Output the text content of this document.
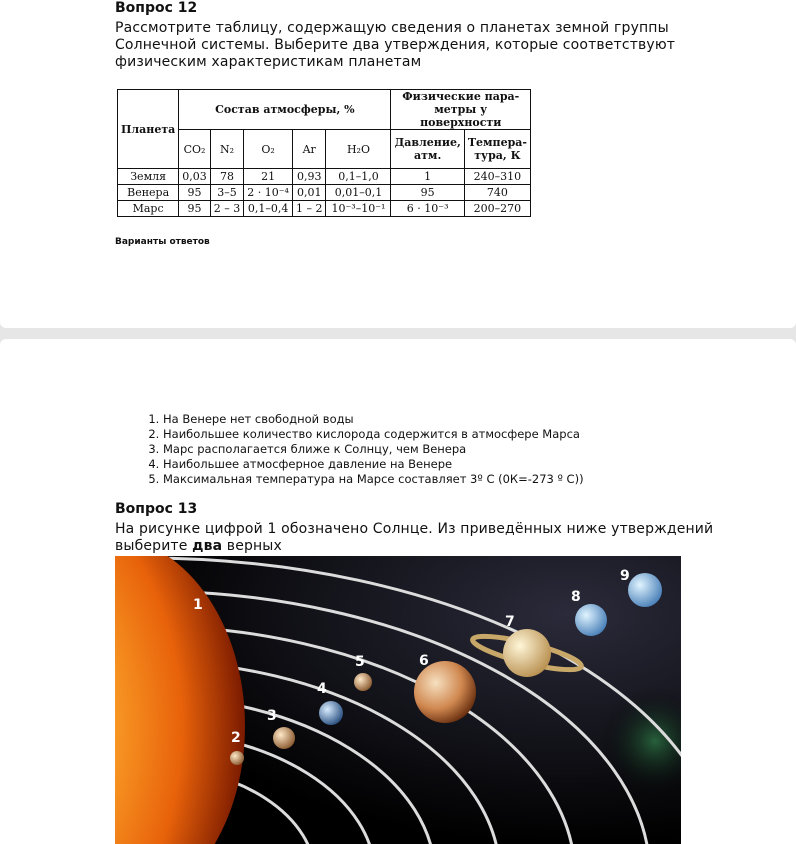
Вопрос 12
Рассмотрите таблицу, содержащую сведения о планетах земной группы Солнечной системы. Выберите два утверждения, которые соответствуют физическим характеристикам планетам
Планета	Состав атмосферы, %					Физические пара-метры у поверхности	
	CO₂	N₂	O₂	Ar	H₂O	Давление, атм.	Темпера-тура, К
Земля	0,03	78	21	0,93	0,1–1,0	1	240–310
Венера	95	3–5	2 · 10⁻⁴	0,01	0,01–0,1	95	740
Марс	95	2 – 3	0,1–0,4	1 – 2	10⁻³–10⁻¹	6 · 10⁻³	200–270
Варианты ответов
1. На Венере нет свободной воды
2. Наибольшее количество кислорода содержится в атмосфере Марса
3. Марс располагается ближе к Солнцу, чем Венера
4. Наибольшее атмосферное давление на Венере
5. Максимальная температура на Марсе составляет 3º С (0К=-273 º С))
Вопрос 13
На рисунке цифрой 1 обозначено Солнце. Из приведённых ниже утверждений выберите два верных
1
2
3
4
5	6
7
8
9
